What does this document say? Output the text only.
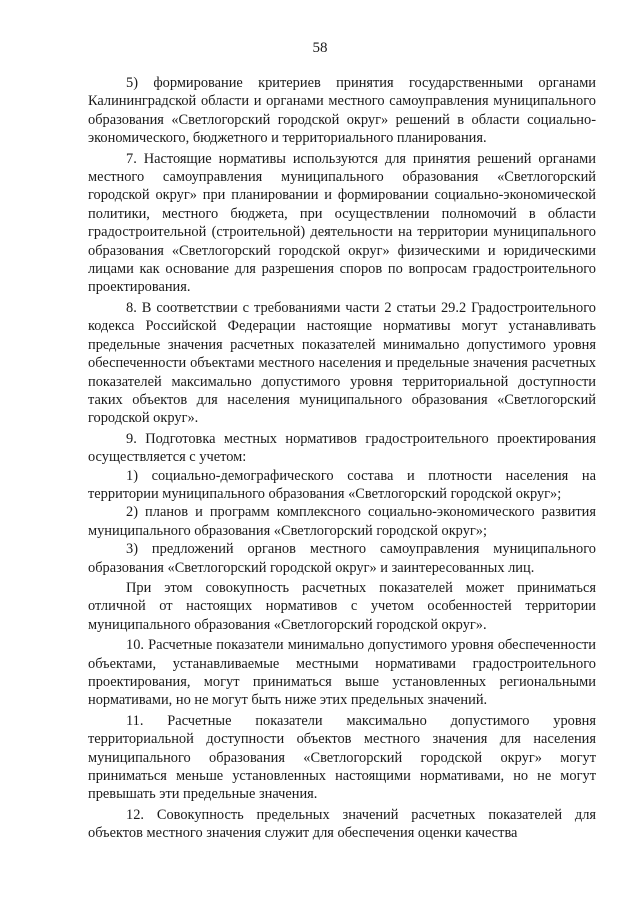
58

5) формирование критериев принятия государственными органами Калининградской области и органами местного самоуправления муниципального образования «Светлогорский городской округ» решений в области социально-экономического, бюджетного и территориального планирования.

7. Настоящие нормативы используются для принятия решений органами местного самоуправления муниципального образования «Светлогорский городской округ» при планировании и формировании социально-экономической политики, местного бюджета, при осуществлении полномочий в области градостроительной (строительной) деятельности на территории муниципального образования «Светлогорский городской округ» физическими и юридическими лицами как основание для разрешения споров по вопросам градостроительного проектирования.

8. В соответствии с требованиями части 2 статьи 29.2 Градостроительного кодекса Российской Федерации настоящие нормативы могут устанавливать предельные значения расчетных показателей минимально допустимого уровня обеспеченности объектами местного населения и предельные значения расчетных показателей максимально допустимого уровня территориальной доступности таких объектов для населения муниципального образования «Светлогорский городской округ».

9. Подготовка местных нормативов градостроительного проектирования осуществляется с учетом:

1) социально-демографического состава и плотности населения на территории муниципального образования «Светлогорский городской округ»;

2) планов и программ комплексного социально-экономического развития муниципального образования «Светлогорский городской округ»;

3) предложений органов местного самоуправления муниципального образования «Светлогорский городской округ» и заинтересованных лиц.

При этом совокупность расчетных показателей может приниматься отличной от настоящих нормативов с учетом особенностей территории муниципального образования «Светлогорский городской округ».

10. Расчетные показатели минимально допустимого уровня обеспеченности объектами, устанавливаемые местными нормативами градостроительного проектирования, могут приниматься выше установленных региональными нормативами, но не могут быть ниже этих предельных значений.

11. Расчетные показатели максимально допустимого уровня территориальной доступности объектов местного значения для населения муниципального образования «Светлогорский городской округ» могут приниматься меньше установленных настоящими нормативами, но не могут превышать эти предельные значения.

12. Совокупность предельных значений расчетных показателей для объектов местного значения служит для обеспечения оценки качества
